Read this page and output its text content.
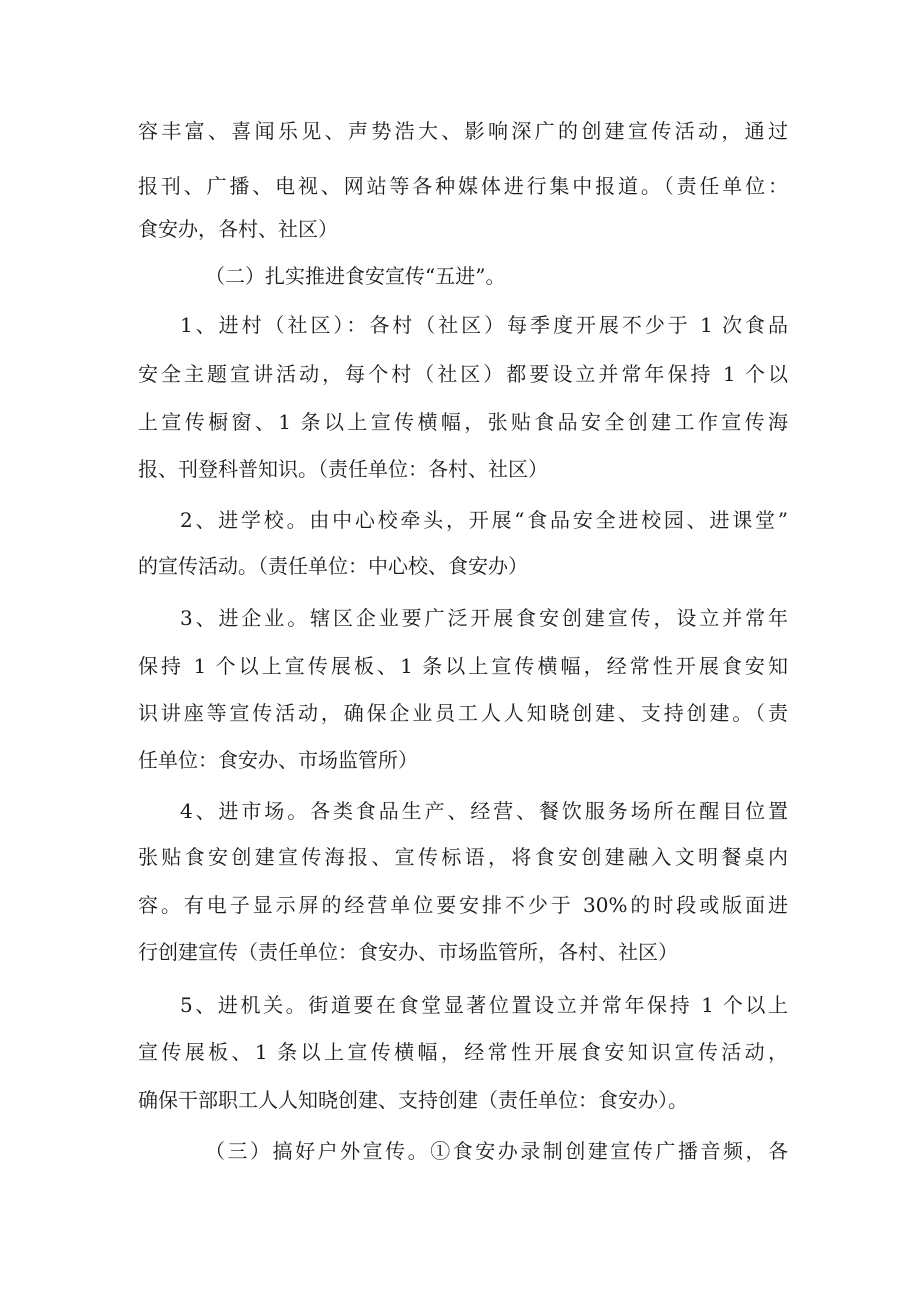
容丰富、喜闻乐见、声势浩大、影响深广的创建宣传活动，通过
报刊、广播、电视、网站等各种媒体进行集中报道。（责任单位：
食安办，各村、社区）
（二）扎实推进食安宣传“五进”。
1、进村（社区）：各村（社区）每季度开展不少于 1 次食品
安全主题宣讲活动，每个村（社区）都要设立并常年保持 1 个以
上宣传橱窗、1 条以上宣传横幅，张贴食品安全创建工作宣传海
报、刊登科普知识。（责任单位：各村、社区）
2、进学校。由中心校牵头，开展“食品安全进校园、进课堂”
的宣传活动。（责任单位：中心校、食安办）
3、进企业。辖区企业要广泛开展食安创建宣传，设立并常年
保持 1 个以上宣传展板、1 条以上宣传横幅，经常性开展食安知
识讲座等宣传活动，确保企业员工人人知晓创建、支持创建。（责
任单位：食安办、市场监管所）
4、进市场。各类食品生产、经营、餐饮服务场所在醒目位置
张贴食安创建宣传海报、宣传标语，将食安创建融入文明餐桌内
容。有电子显示屏的经营单位要安排不少于 30%的时段或版面进
行创建宣传（责任单位：食安办、市场监管所，各村、社区）
5、进机关。街道要在食堂显著位置设立并常年保持 1 个以上
宣传展板、1 条以上宣传横幅，经常性开展食安知识宣传活动，
确保干部职工人人知晓创建、支持创建（责任单位：食安办）。
（三）搞好户外宣传。①食安办录制创建宣传广播音频，各
